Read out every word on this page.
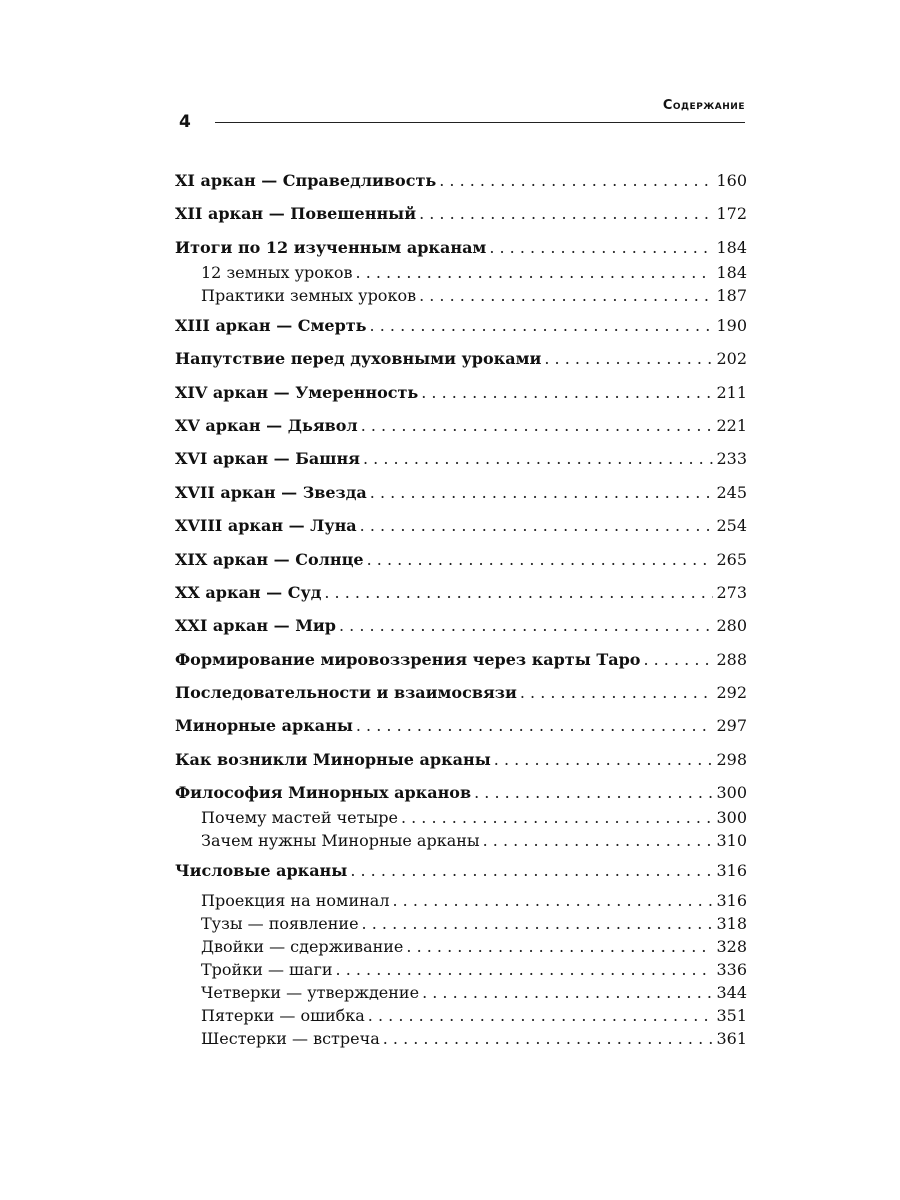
4
Содержание
XI аркан — Справедливость . . .	160
XII аркан — Повешенный . . .	172
Итоги по 12 изученным арканам . . .	184
12 земных уроков . . .	184
Практики земных уроков . . .	187
XIII аркан — Смерть . . .	190
Напутствие перед духовными уроками . . .	202
XIV аркан — Умеренность . . .	211
XV аркан — Дьявол . . .	221
XVI аркан — Башня . . .	233
XVII аркан — Звезда . . .	245
XVIII аркан — Луна . . .	254
XIX аркан — Солнце . . .	265
XX аркан — Суд . . .	273
XXI аркан — Мир . . .	280
Формирование мировоззрения через карты Таро . . .	288
Последовательности и взаимосвязи . . .	292
Минорные арканы . . .	297
Как возникли Минорные арканы . . .	298
Философия Минорных арканов . . .	300
Почему мастей четыре . . .	300
Зачем нужны Минорные арканы . . .	310
Числовые арканы . . .	316
Проекция на номинал . . .	316
Тузы — появление . . .	318
Двойки — сдерживание . . .	328
Тройки — шаги . . .	336
Четверки — утверждение . . .	344
Пятерки — ошибка . . .	351
Шестерки — встреча . . .	361
